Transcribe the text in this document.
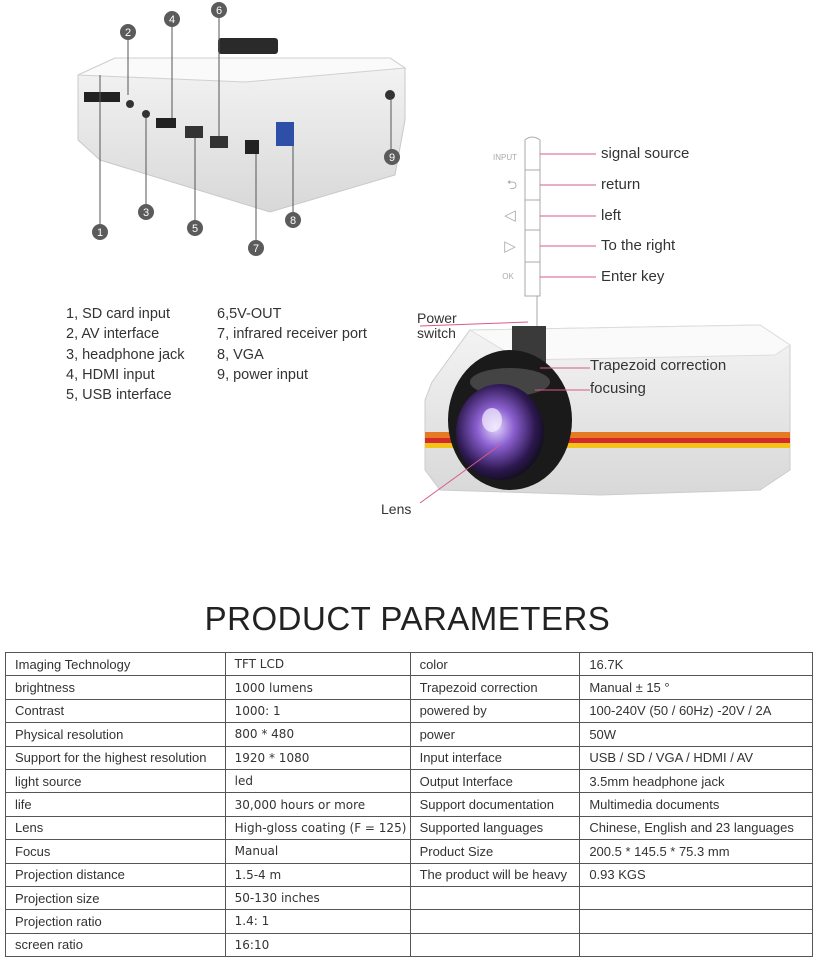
1
2
3
4
5
6
7
8
9	INPUT
⮌
◁
▷
OK
1, SD card input
2, AV interface
3, headphone jack
4, HDMI input
5, USB interface
6,5V-OUT
7, infrared receiver port
8, VGA
9, power input
signal source
return
left
To the right
Enter key
Power
switch
Trapezoid correction
focusing
Lens
PRODUCT PARAMETERS
Imaging Technology	TFT LCD	color	16.7K
brightness	1000 lumens	Trapezoid correction	Manual ± 15 °
Contrast	1000: 1	powered by	100-240V (50 / 60Hz) -20V / 2A
Physical resolution	800 * 480	power	50W
Support for the highest resolution	1920 * 1080	Input interface	USB / SD / VGA / HDMI / AV
light source	led	Output Interface	3.5mm headphone jack
life	30,000 hours or more	Support documentation	Multimedia documents
Lens	High-gloss coating (F = 125)	Supported languages	Chinese, English and 23 languages
Focus	Manual	Product Size	200.5 * 145.5 * 75.3 mm
Projection distance	1.5-4 m	The product will be heavy	0.93 KGS
Projection size	50-130 inches		
Projection ratio	1.4: 1		
screen ratio	16:10		
